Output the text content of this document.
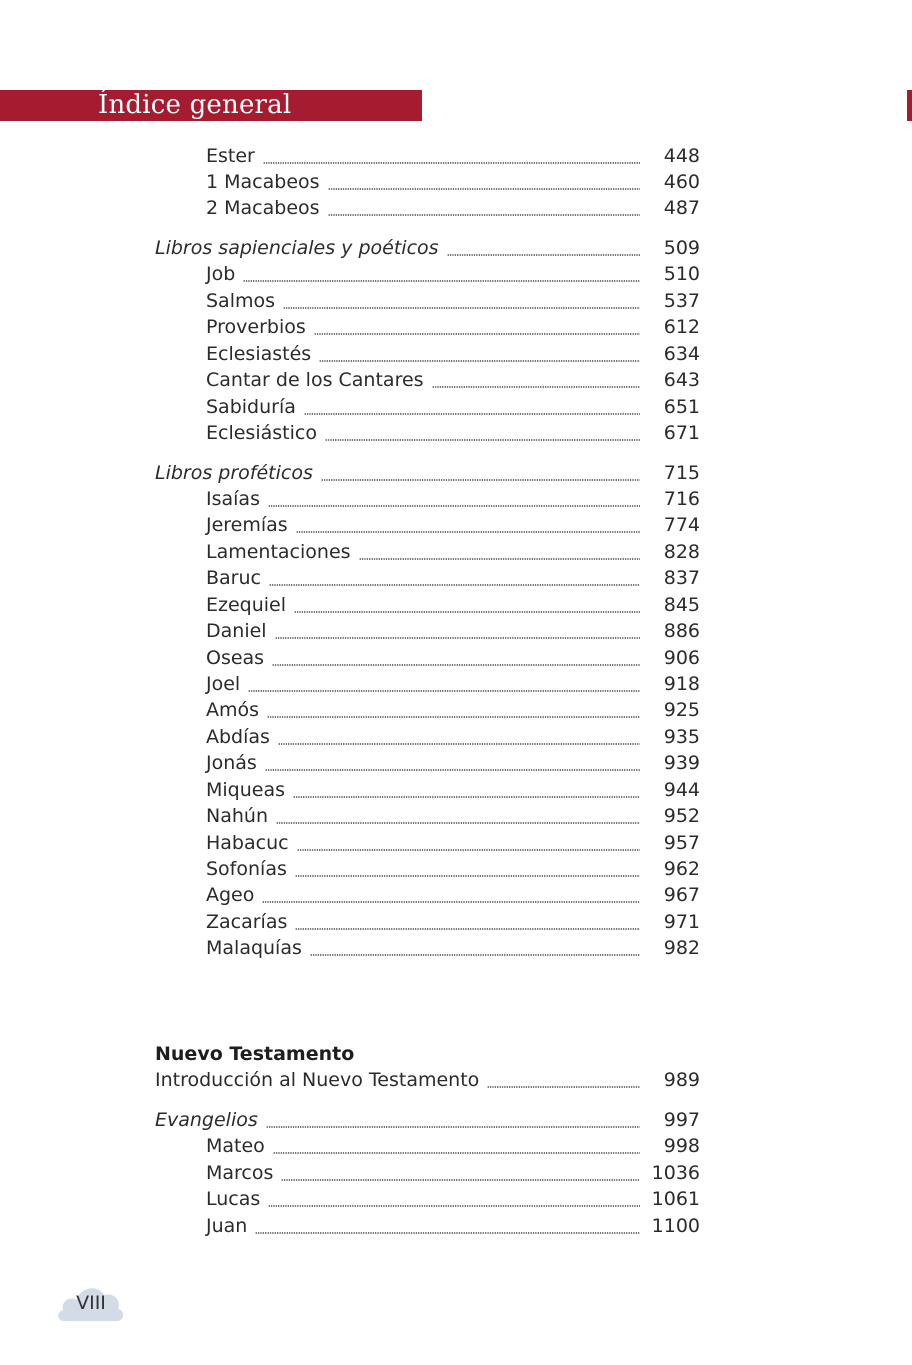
Índice general
Ester	448
1 Macabeos	460
2 Macabeos	487
Libros sapienciales y poéticos	509
Job	510
Salmos	537
Proverbios	612
Eclesiastés	634
Cantar de los Cantares	643
Sabiduría	651
Eclesiástico	671
Libros proféticos	715
Isaías	716
Jeremías	774
Lamentaciones	828
Baruc	837
Ezequiel	845
Daniel	886
Oseas	906
Joel	918
Amós	925
Abdías	935
Jonás	939
Miqueas	944
Nahún	952
Habacuc	957
Sofonías	962
Ageo	967
Zacarías	971
Malaquías	982
Introducción al Nuevo Testamento	989
Evangelios	997
Mateo	998
Marcos	1036
Lucas	1061
Juan	1100
Nuevo Testamento
VIII
